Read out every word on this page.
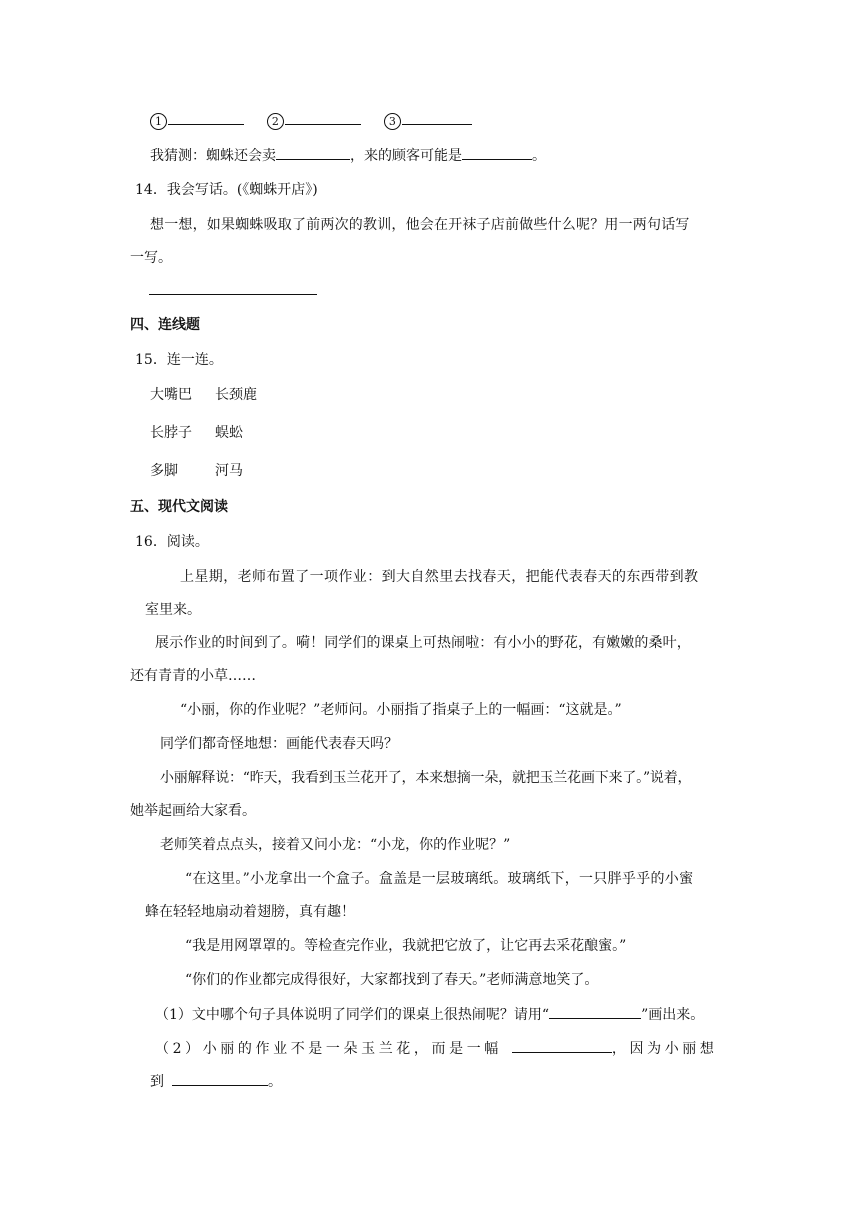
1	2	3
我猜测：蜘蛛还会卖	，来的顾客可能是	。
14．我会写话。(《蜘蛛开店》)
想一想，如果蜘蛛吸取了前两次的教训，他会在开袜子店前做些什么呢？用一两句话写
一写。
四、连线题
15．连一连。
大嘴巴 长颈鹿
长脖子 蜈蚣
多脚	河马
五、现代文阅读
16．阅读。
上星期，老师布置了一项作业：到大自然里去找春天，把能代表春天的东西带到教
室里来。
展示作业的时间到了。嗬！同学们的课桌上可热闹啦：有小小的野花，有嫩嫩的桑叶，
还有青青的小草……
“小丽，你的作业呢？”老师问。小丽指了指桌子上的一幅画：“这就是。”
同学们都奇怪地想：画能代表春天吗？
小丽解释说：“昨天，我看到玉兰花开了，本来想摘一朵，就把玉兰花画下来了。”说着，
她举起画给大家看。
老师笑着点点头，接着又问小龙：“小龙，你的作业呢？”
“在这里。”小龙拿出一个盒子。盒盖是一层玻璃纸。玻璃纸下，一只胖乎乎的小蜜
蜂在轻轻地扇动着翅膀，真有趣！
“我是用网罩罩的。等检查完作业，我就把它放了，让它再去采花酿蜜。”
“你们的作业都完成得很好，大家都找到了春天。”老师满意地笑了。
（1）文中哪个句子具体说明了同学们的课桌上很热闹呢？请用“	”画出来。
（2）小丽的作业不是一朵玉兰花，而是一幅	，因为小丽想
到	。
